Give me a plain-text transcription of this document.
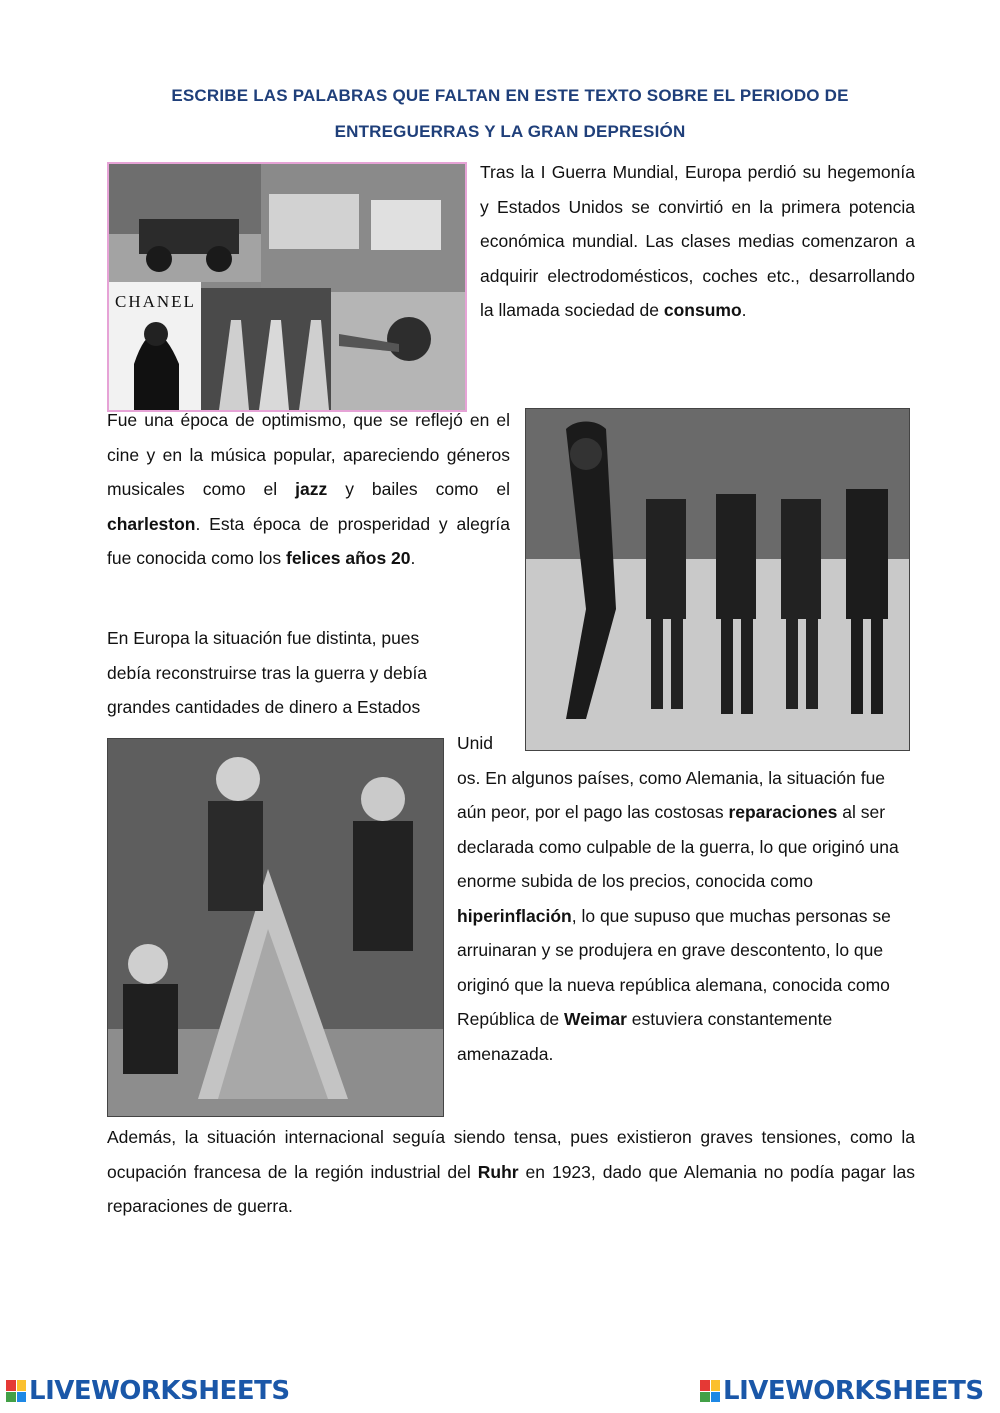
ESCRIBE LAS PALABRAS QUE FALTAN EN ESTE TEXTO SOBRE EL PERIODO DE
ENTREGUERRAS Y LA GRAN DEPRESIÓN
CHANEL

Tras la I Guerra Mundial, Europa perdió su hegemonía y Estados Unidos se convirtió en la primera potencia económica mundial. Las clases medias comenzaron a adquirir electrodomésticos, coches etc., desarrollando la llamada sociedad de consumo.

Fue una época de optimismo, que se reflejó en el cine y en la música popular, apareciendo géneros musicales como el jazz y bailes como el charleston. Esta época de prosperidad y alegría fue conocida como los felices años 20.

En Europa la situación fue distinta, pues debía reconstruirse tras la guerra y debía grandes cantidades de dinero a Estados

Unid
os. En algunos países, como Alemania, la situación fue aún peor, por el pago las costosas reparaciones al ser declarada como culpable de la guerra, lo que originó una enorme subida de los precios, conocida como hiperinflación, lo que supuso que muchas personas se arruinaran y se produjera en grave descontento, lo que originó que la nueva república alemana, conocida como República de Weimar estuviera constantemente amenazada.

Además, la situación internacional seguía siendo tensa, pues existieron graves tensiones, como la ocupación francesa de la región industrial del Ruhr en 1923, dado que Alemania no podía pagar las reparaciones de guerra.

LIVEWORKSHEETS	LIVEWORKSHEETS
